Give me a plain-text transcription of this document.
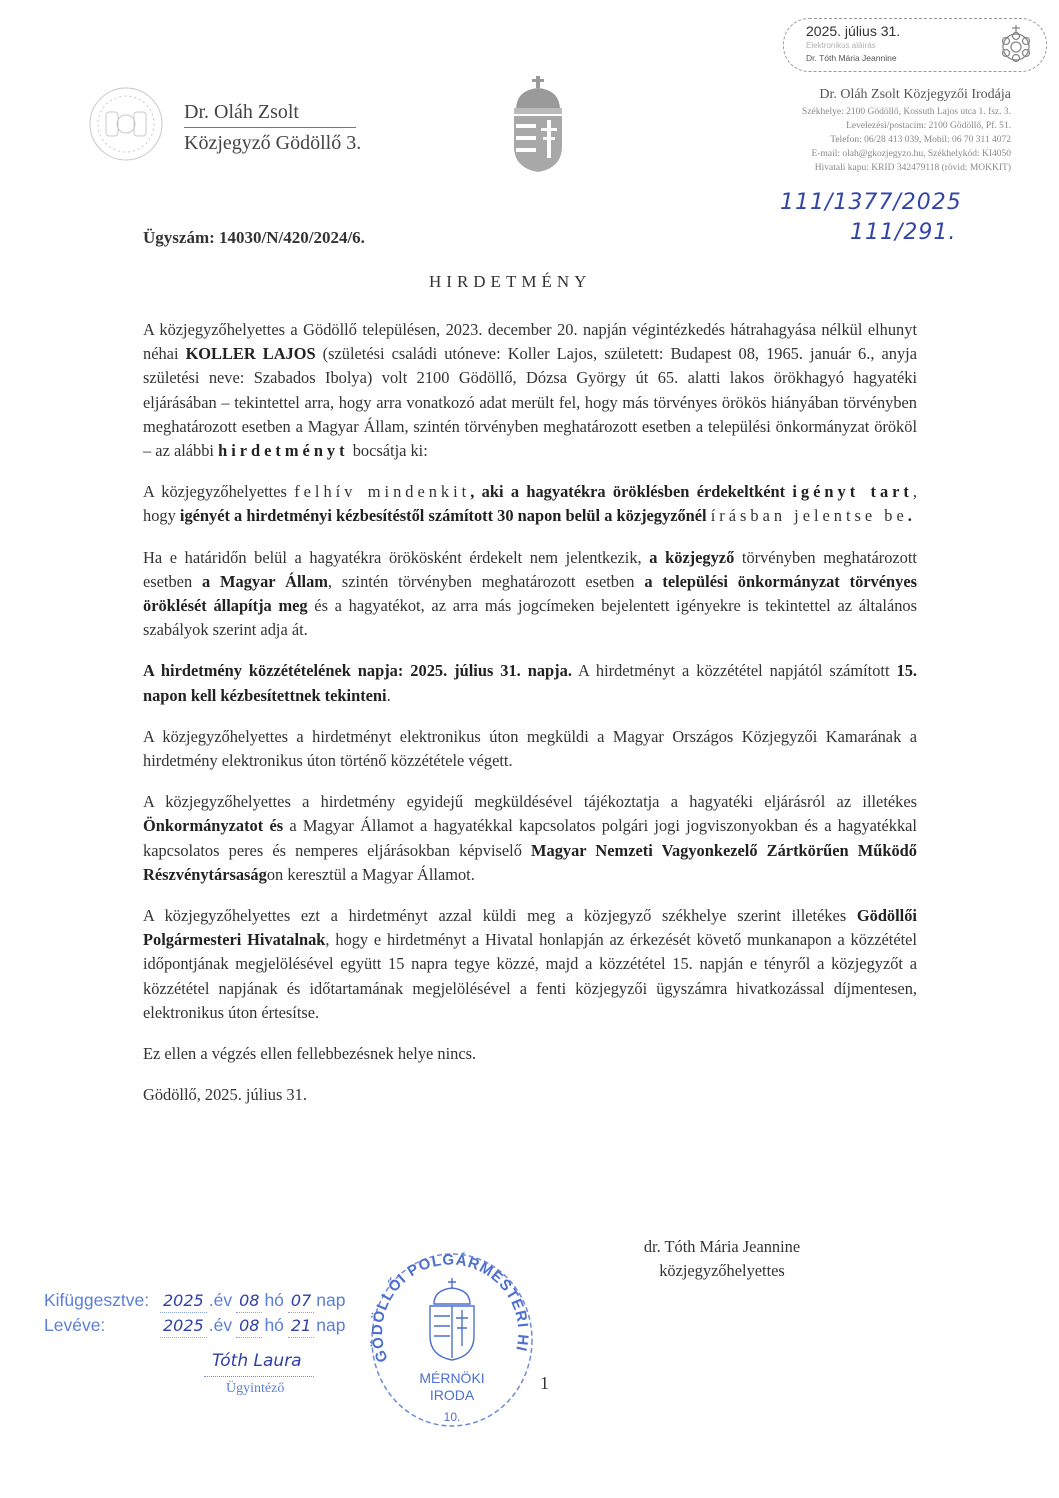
2025. július 31.
Elektronikus aláírás
Dr. Tóth Mária Jeannine
Dr. Oláh Zsolt
Közjegyző Gödöllő 3.
Dr. Oláh Zsolt Közjegyzői Irodája
Székhelye: 2100 Gödöllő, Kossuth Lajos utca 1. fsz. 3.
Levelezési/postacím: 2100 Gödöllő, Pf. 51.
Telefon: 06/28 413 039, Mobil: 06 70 311 4072
E-mail: olah@gkozjegyzo.hu, Székhelykód: KI4050
Hivatali kapu: KRID 342479118 (rövid: MOKKIT)
111/1377/2025
111/291.
Ügyszám: 14030/N/420/2024/6.
HIRDETMÉNY

A közjegyzőhelyettes a Gödöllő településen, 2023. december 20. napján végintézkedés hátrahagyása nélkül elhunyt néhai KOLLER LAJOS (születési családi utóneve: Koller Lajos, született: Budapest 08, 1965. január 6., anyja születési neve: Szabados Ibolya) volt 2100 Gödöllő, Dózsa György út 65. alatti lakos örökhagyó hagyatéki eljárásában – tekintettel arra, hogy arra vonatkozó adat merült fel, hogy más törvényes örökös hiányában törvényben meghatározott esetben a Magyar Állam, szintén törvényben meghatározott esetben a települési önkormányzat örököl – az alábbi hirdetményt bocsátja ki:

A közjegyzőhelyettes felhív mindenkit, aki a hagyatékra öröklésben érdekeltként igényt tart, hogy igényét a hirdetményi kézbesítéstől számított 30 napon belül a közjegyzőnél írásban jelentse be.

Ha e határidőn belül a hagyatékra örökösként érdekelt nem jelentkezik, a közjegyző törvényben meghatározott esetben a Magyar Állam, szintén törvényben meghatározott esetben a települési önkormányzat törvényes öröklését állapítja meg és a hagyatékot, az arra más jogcímeken bejelentett igényekre is tekintettel az általános szabályok szerint adja át.

A hirdetmény közzétételének napja: 2025. július 31. napja. A hirdetményt a közzététel napjától számított 15. napon kell kézbesítettnek tekinteni.

A közjegyzőhelyettes a hirdetményt elektronikus úton megküldi a Magyar Országos Közjegyzői Kamarának a hirdetmény elektronikus úton történő közzététele végett.

A közjegyzőhelyettes a hirdetmény egyidejű megküldésével tájékoztatja a hagyatéki eljárásról az illetékes Önkormányzatot és a Magyar Államot a hagyatékkal kapcsolatos polgári jogi jogviszonyokban és a hagyatékkal kapcsolatos peres és nemperes eljárásokban képviselő Magyar Nemzeti Vagyonkezelő Zártkörűen Működő Részvénytársaságon keresztül a Magyar Államot.

A közjegyzőhelyettes ezt a hirdetményt azzal küldi meg a közjegyző székhelye szerint illetékes Gödöllői Polgármesteri Hivatalnak, hogy e hirdetményt a Hivatal honlapján az érkezését követő munkanapon a közzététel időpontjának megjelölésével együtt 15 napra tegye közzé, majd a közzététel 15. napján e tényről a közjegyzőt a közzététel napjának és időtartamának megjelölésével a fenti közjegyzői ügyszámra hivatkozással díjmentesen, elektronikus úton értesítse.

Ez ellen a végzés ellen fellebbezésnek helye nincs.

Gödöllő, 2025. július 31.

dr. Tóth Mária Jeannine
közjegyzőhelyettes
Kifüggesztve: 2025 .év 08 hó 07 nap
Levéve:	2025 .év 08 hó 21 nap
Tóth Laura
Ügyintéző
GÖDÖLLŐI POLGÁRMESTERI HI
MÉRNÖKI
IRODA
10.
1
